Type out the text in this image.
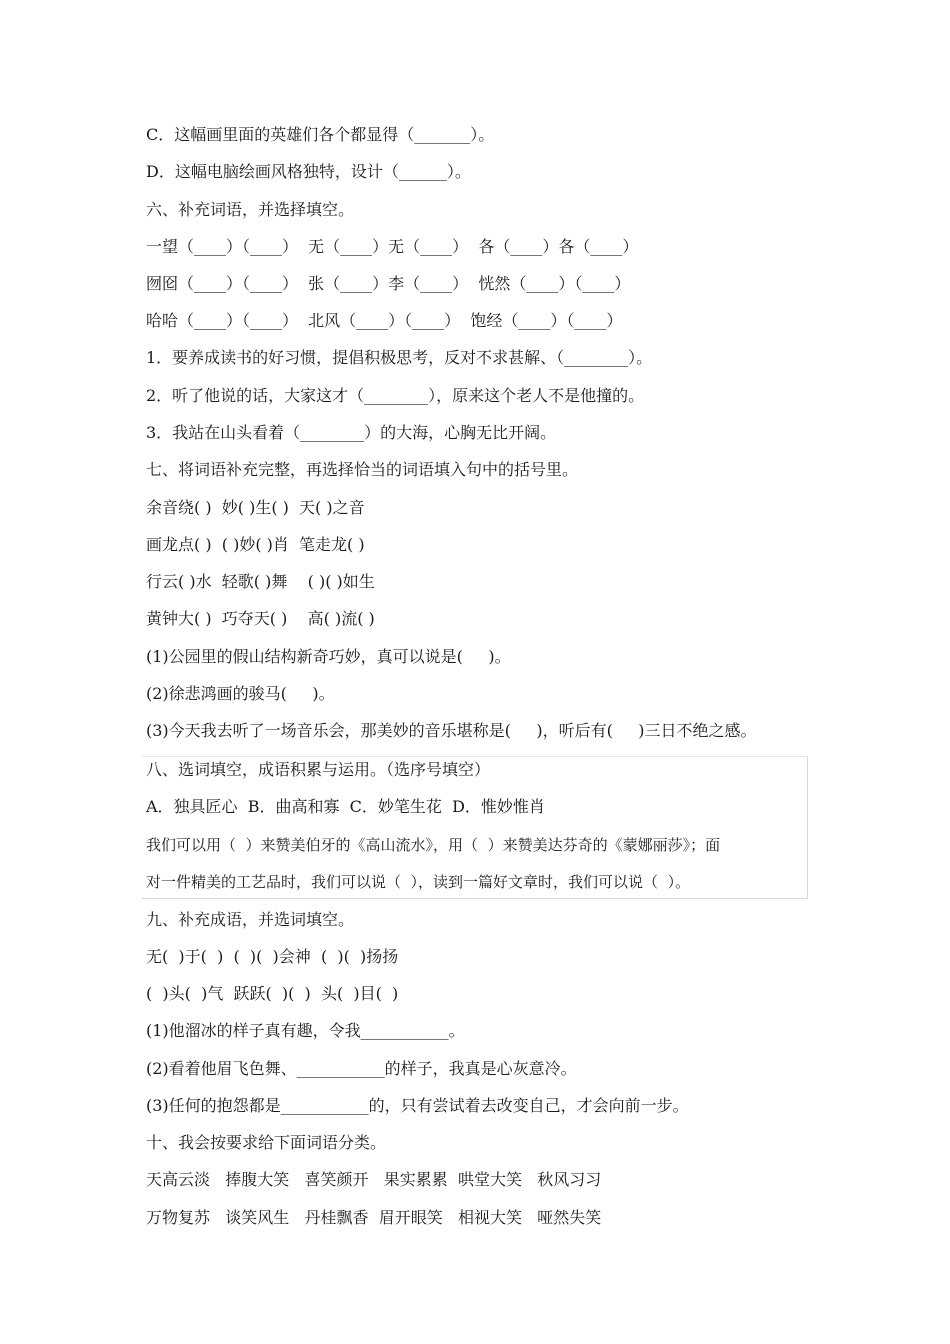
C．这幅画里面的英雄们各个都显得（_______）。
D．这幅电脑绘画风格独特，设计（______）。
六、补充词语，并选择填空。
一望（____）（____）  无（____）无（____）  各（____）各（____）
囫囵（____）（____）  张（____）李（____）  恍然（____）（____）
哈哈（____）（____）  北风（____）（____）  饱经（____）（____）
1．要养成读书的好习惯，提倡积极思考，反对不求甚解、（________）。
2．听了他说的话，大家这才（________），原来这个老人不是他撞的。
3．我站在山头看着（________）的大海，心胸无比开阔。
七、将词语补充完整，再选择恰当的词语填入句中的括号里。
余音绕( )  妙( )生( )  天( )之音
画龙点( )  ( )妙( )肖  笔走龙( )
行云( )水  轻歌( )舞    ( )( )如生
黄钟大( )  巧夺天( )    高( )流( )
(1)公园里的假山结构新奇巧妙，真可以说是(     )。
(2)徐悲鸿画的骏马(     )。
(3)今天我去听了一场音乐会，那美妙的音乐堪称是(     )，听后有(     )三日不绝之感。
八、选词填空，成语积累与运用。（选序号填空）
A．独具匠心  B．曲高和寡  C．妙笔生花  D．惟妙惟肖
我们可以用（  ）来赞美伯牙的《高山流水》，用（  ）来赞美达芬奇的《蒙娜丽莎》；面
对一件精美的工艺品时，我们可以说（  ），读到一篇好文章时，我们可以说（  ）。
九、补充成语，并选词填空。
无(  )于(  )  (  )(  )会神  (  )(  )扬扬
(  )头(  )气  跃跃(  )(  )  头(  )目(  )
(1)他溜冰的样子真有趣，令我___________。
(2)看着他眉飞色舞、___________的样子，我真是心灰意冷。
(3)任何的抱怨都是___________的，只有尝试着去改变自己，才会向前一步。
十、我会按要求给下面词语分类。
天高云淡   捧腹大笑   喜笑颜开   果实累累  哄堂大笑   秋风习习
万物复苏   谈笑风生   丹桂飘香  眉开眼笑   相视大笑   哑然失笑
